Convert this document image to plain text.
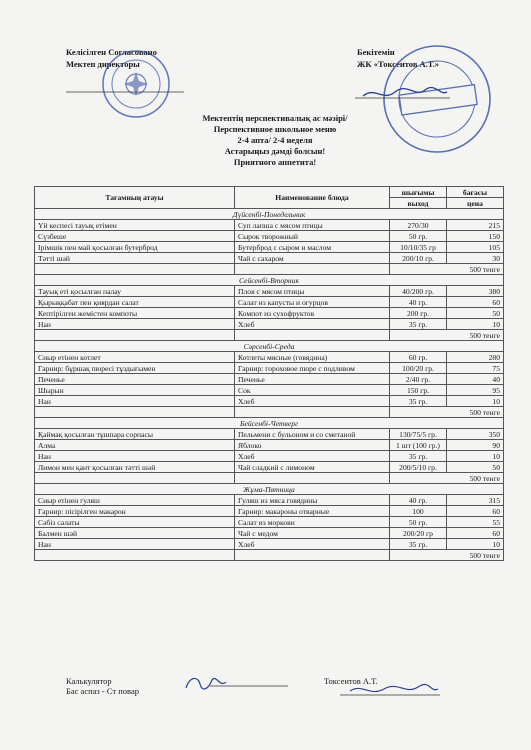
Келісілген Согласовано
Мектеп директоры
Бекітемін
ЖК «Токсеитов А.Т.»
Мектептің перспективалық ас мәзірі/
Перспективное школьное меню
2-4 апта/ 2-4 неделя
Астарыңыз дәмді болсын!
Приятного аппетита!
Тағамның атауы	Наименование блюда	шығымы	бағасы
		выход	цена
Дүйсенбі-Понедельник			
Үй кеспесі тауық етімен	Суп лапша с мясом птицы	270/30	215
Сүзбеше	Сырок творожный	50 гр.	150
Ірімшік пен май қосылған бутерброд	Бутерброд с сыром и маслом	10/10/35 гр	105
Тәтті шәй	Чай с сахаром	200/10 гр.	30
		500 тенге	
Сейсенбі-Вторник			
Тауық еті қосылған палау	Плов с мясом птицы	40/200 гр.	380
Қырыққабат пен қиярдан салат	Салат из капусты и огурцов	40 гр.	60
Кептірілген жемістен компоты	Компот из сухофруктов	200 гр.	50
Нан	Хлеб	35 гр.	10
		500 тенге	
Сәрсенбі-Среда			
Сиыр етінен котлет	Котлеты мясные (говядина)	60 гр.	280
Гарнир: бұршақ пюресі тұздығымен	Гарнир: гороховое пюре с подливом	100/20 гр.	75
Печенье	Печенье	2/40 гр.	40
Шырын	Сок	150 гр.	95
Нан	Хлеб	35 гр.	10
		500 тенге	
Бейсенбі-Четверг			
Қаймақ қосылған тұшпара сорпасы	Пельмени с бульоном и со сметаной	130/75/5 гр.	350
Алма	Яблоко	1 шт (100 гр.)	90
Нан	Хлеб	35 гр.	10
Лимон мен қант қосылған тәтті шәй	Чай сладкий с лимоном	200/5/10 гр.	50
		500 тенге	
Жұма-Пятница			
Сиыр етінен гуляш	Гуляш из мяса говядины	40 гр.	315
Гарнир: пісірілген макарон	Гарнир: макароны отварные	100	60
Сәбіз салаты	Салат из моркови	50 гр.	55
Балмен шәй	Чай с медом	200/20 гр	60
Нан	Хлеб	35 гр.	10
		500 тенге	
Калькулятор
Бас аспаз - Ст повар
Токсеитов А.Т.
